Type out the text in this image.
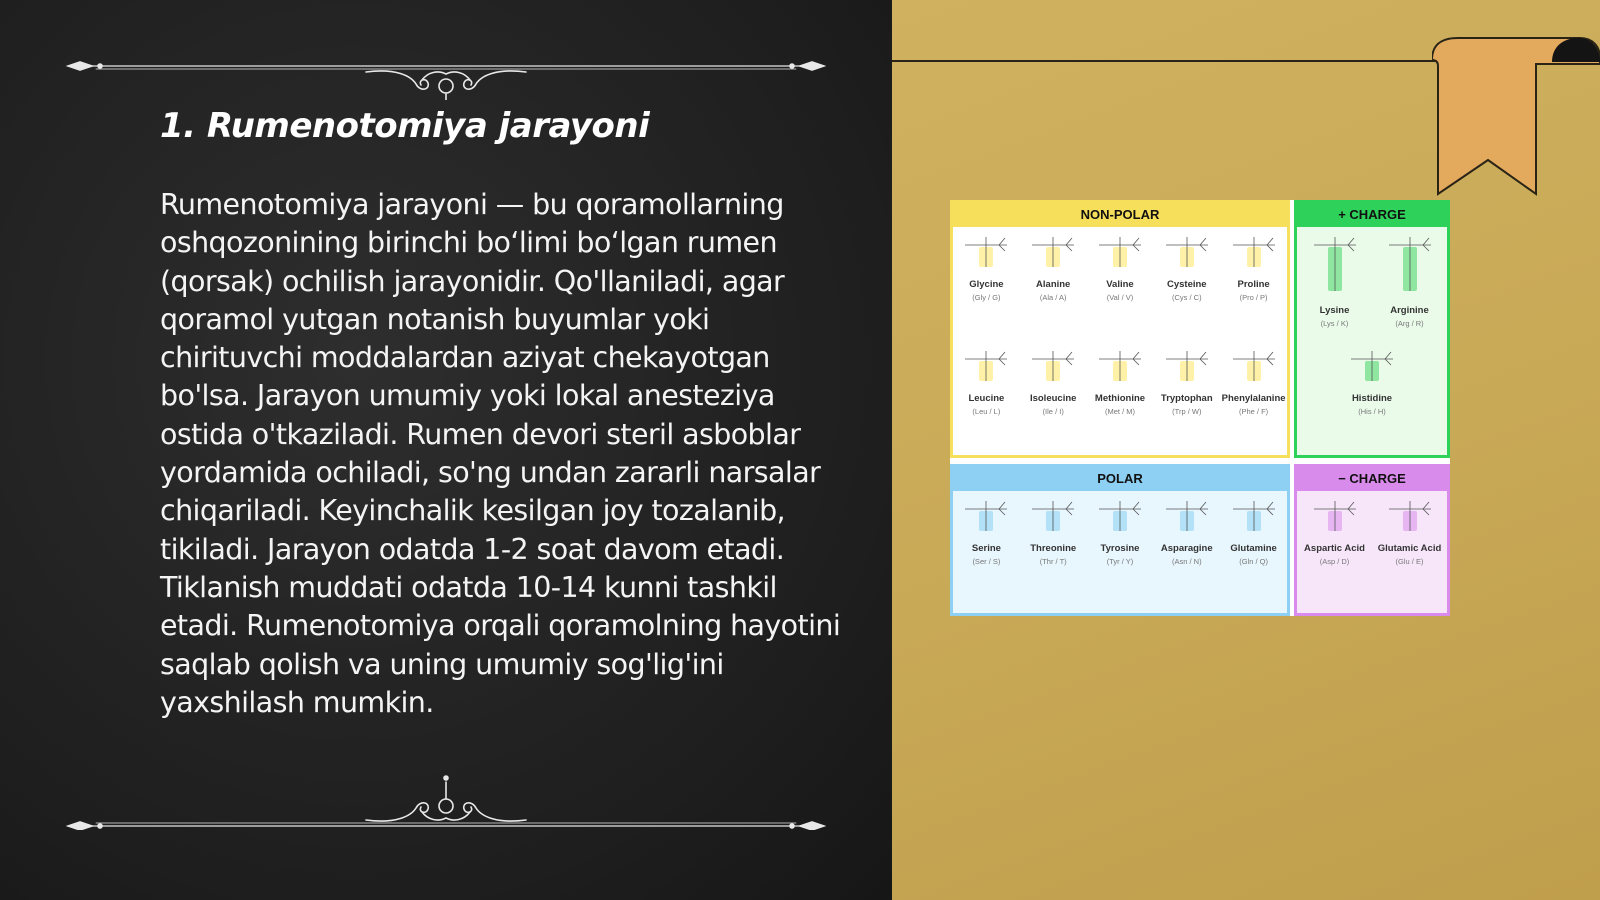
1. Rumenotomiya jarayoni
Rumenotomiya jarayoni — bu qoramollarning oshqozonining birinchi bo‘limi bo‘lgan rumen (qorsak) ochilish jarayonidir. Qo'llaniladi, agar qoramol yutgan notanish buyumlar yoki chirituvchi moddalardan aziyat chekayotgan bo'lsa. Jarayon umumiy yoki lokal anesteziya ostida o'tkaziladi. Rumen devori steril asboblar yordamida ochiladi, so'ng undan zararli narsalar chiqariladi. Keyinchalik kesilgan joy tozalanib, tikiladi. Jarayon odatda 1-2 soat davom etadi. Tiklanish muddati odatda 10-14 kunni tashkil etadi. Rumenotomiya orqali qoramolning hayotini saqlab qolish va uning umumiy sog'lig'ini yaxshilash mumkin.
NON-POLAR
Glycine
(Gly / G)
Alanine
(Ala / A)
Valine
(Val / V)
Cysteine
(Cys / C)
Proline
(Pro / P)
Leucine
(Leu / L)
Isoleucine
(Ile / I)
Methionine
(Met / M)
Tryptophan
(Trp / W)
Phenylalanine
(Phe / F)
+ CHARGE
Lysine
(Lys / K)
Arginine
(Arg / R)
Histidine
(His / H)
POLAR
Serine
(Ser / S)
Threonine
(Thr / T)
Tyrosine
(Tyr / Y)
Asparagine
(Asn / N)
Glutamine
(Gln / Q)
− CHARGE
Aspartic Acid
(Asp / D)
Glutamic Acid
(Glu / E)
